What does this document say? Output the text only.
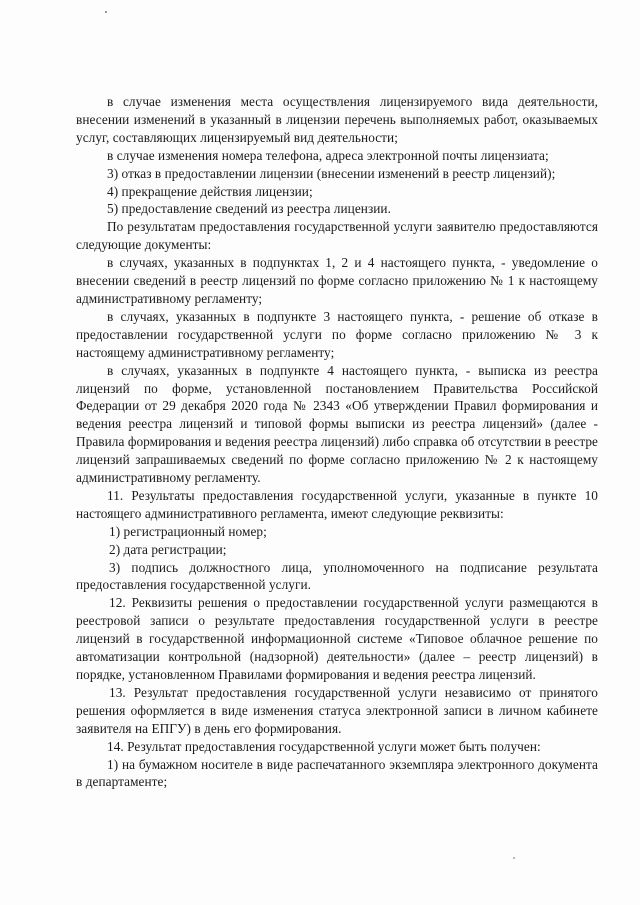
в случае изменения места осуществления лицензируемого вида деятельности, внесении изменений в указанный в лицензии перечень выполняемых работ, оказываемых услуг, составляющих лицензируемый вид деятельности;

в случае изменения номера телефона, адреса электронной почты лицензиата;

3) отказ в предоставлении лицензии (внесении изменений в реестр лицензий);

4) прекращение действия лицензии;

5) предоставление сведений из реестра лицензии.

По результатам предоставления государственной услуги заявителю предоставляются следующие документы:

в случаях, указанных в подпунктах 1, 2 и 4 настоящего пункта, - уведомление о внесении сведений в реестр лицензий по форме согласно приложению № 1 к настоящему административному регламенту;

в случаях, указанных в подпункте 3 настоящего пункта, - решение об отказе в предоставлении государственной услуги по форме согласно приложению № 3 к настоящему административному регламенту;

в случаях, указанных в подпункте 4 настоящего пункта, - выписка из реестра лицензий по форме, установленной постановлением Правительства Российской Федерации от 29 декабря 2020 года № 2343 «Об утверждении Правил формирования и ведения реестра лицензий и типовой формы выписки из реестра лицензий» (далее - Правила формирования и ведения реестра лицензий) либо справка об отсутствии в реестре лицензий запрашиваемых сведений по форме согласно приложению № 2 к настоящему административному регламенту.

11. Результаты предоставления государственной услуги, указанные в пункте 10 настоящего административного регламента, имеют следующие реквизиты:

1) регистрационный номер;

2) дата регистрации;

3) подпись должностного лица, уполномоченного на подписание результата предоставления государственной услуги.

12. Реквизиты решения о предоставлении государственной услуги размещаются в реестровой записи о результате предоставления государственной услуги в реестре лицензий в государственной информационной системе «Типовое облачное решение по автоматизации контрольной (надзорной) деятельности» (далее – реестр лицензий) в порядке, установленном Правилами формирования и ведения реестра лицензий.

13. Результат предоставления государственной услуги независимо от принятого решения оформляется в виде изменения статуса электронной записи в личном кабинете заявителя на ЕПГУ) в день его формирования.

14. Результат предоставления государственной услуги может быть получен:

1) на бумажном носителе в виде распечатанного экземпляра электронного документа в департаменте;
